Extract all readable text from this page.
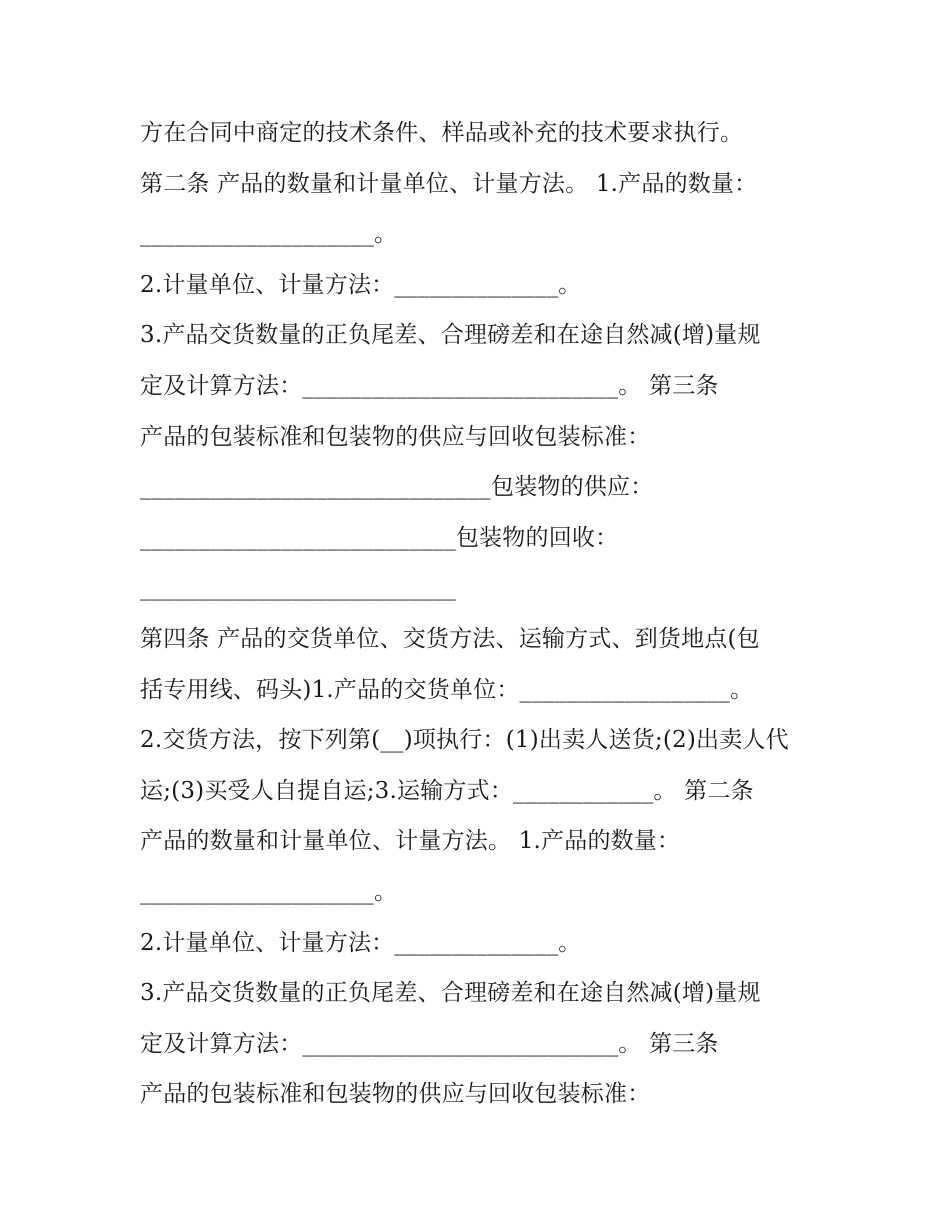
方在合同中商定的技术条件、样品或补充的技术要求执行。
第二条 产品的数量和计量单位、计量方法。 1.产品的数量：
____________________。
2.计量单位、计量方法：______________。
3.产品交货数量的正负尾差、合理磅差和在途自然减(增)量规
定及计算方法：___________________________。 第三条
产品的包装标准和包装物的供应与回收包装标准：
______________________________包装物的供应：
___________________________包装物的回收：
___________________________
第四条 产品的交货单位、交货方法、运输方式、到货地点(包
括专用线、码头)1.产品的交货单位：__________________。
2.交货方法，按下列第(__)项执行：(1)出卖人送货;(2)出卖人代
运;(3)买受人自提自运;3.运输方式：____________。 第二条
产品的数量和计量单位、计量方法。 1.产品的数量：
____________________。
2.计量单位、计量方法：______________。
3.产品交货数量的正负尾差、合理磅差和在途自然减(增)量规
定及计算方法：___________________________。 第三条
产品的包装标准和包装物的供应与回收包装标准：
